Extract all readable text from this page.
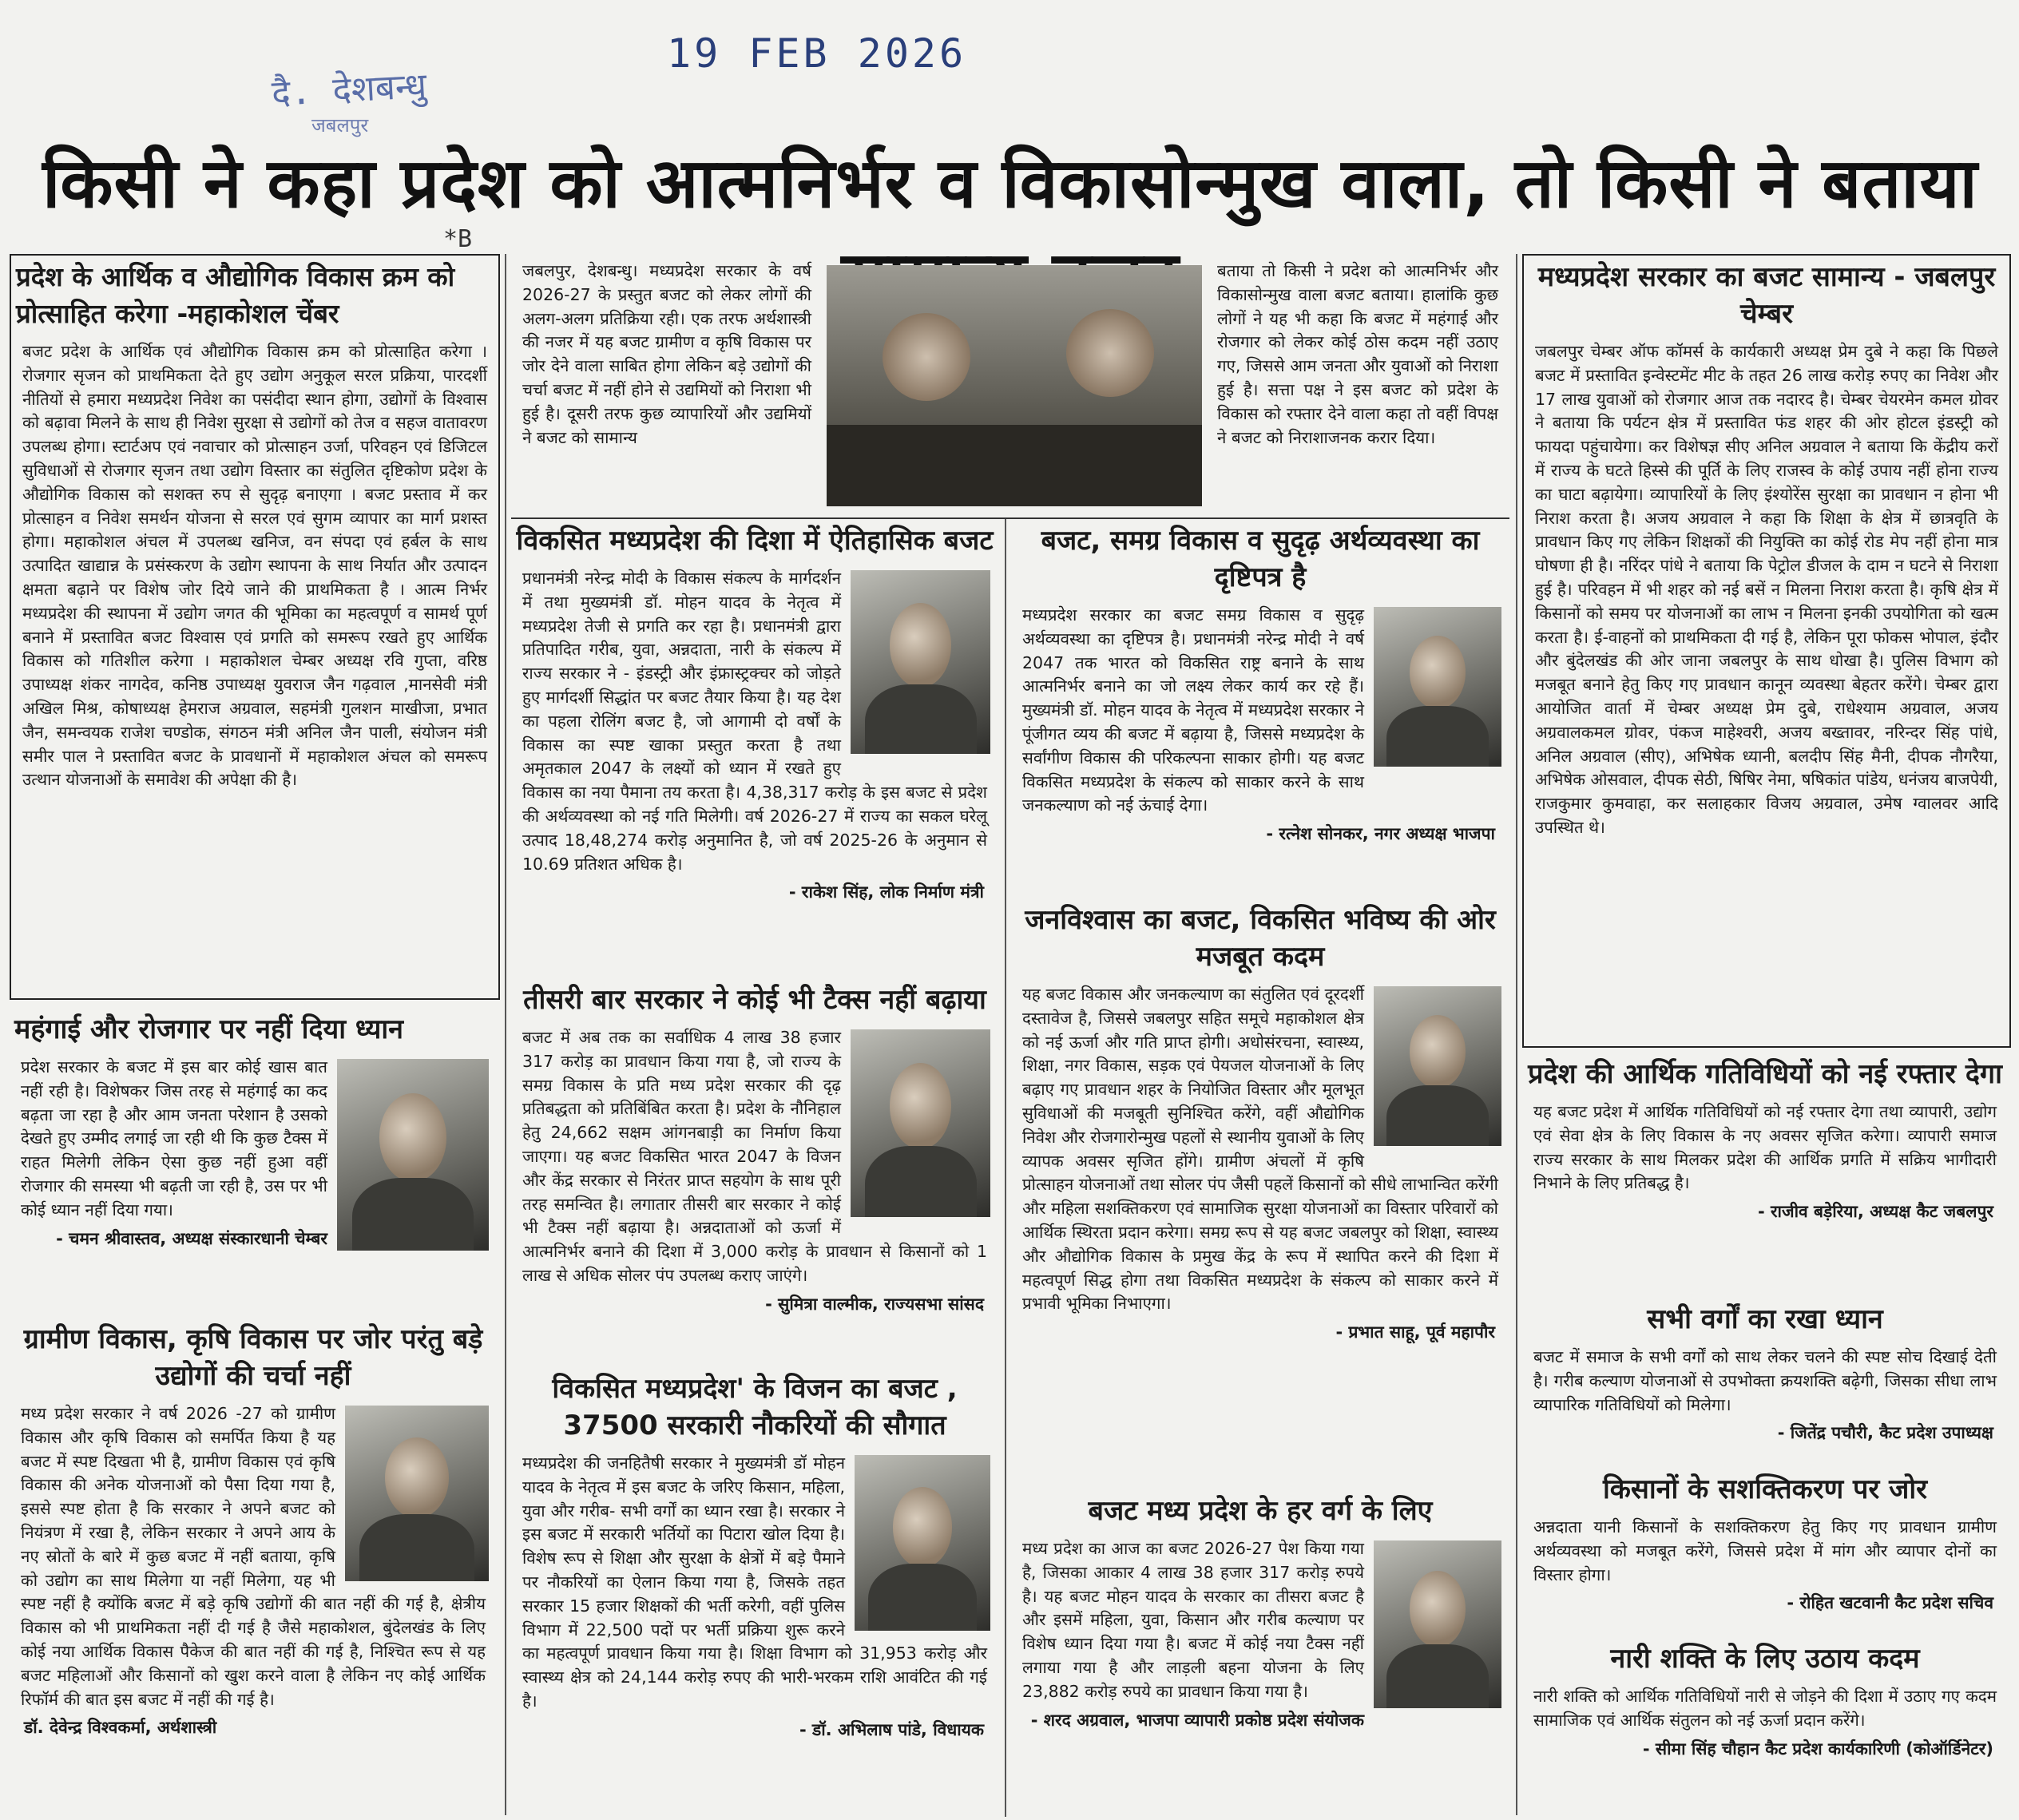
दै. देशबन्धु
जबलपुर
19 FEB 2026
*B
किसी ने कहा प्रदेश को आत्मनिर्भर व विकासोन्मुख वाला, तो किसी ने बताया
प्रदेश के आर्थिक व औद्योगिक विकास क्रम को प्रोत्साहित करेगा -महाकोशल चेंबर
बजट प्रदेश के आर्थिक एवं औद्योगिक विकास क्रम को प्रोत्साहित करेगा । रोजगार सृजन को प्राथमिकता देते हुए उद्योग अनुकूल सरल प्रक्रिया, पारदर्शी नीतियों से हमारा मध्यप्रदेश निवेश का पसंदीदा स्थान होगा, उद्योगों के विश्वास को बढ़ावा मिलने के साथ ही निवेश सुरक्षा से उद्योगों को तेज व सहज वातावरण उपलब्ध होगा। स्टार्टअप एवं नवाचार को प्रोत्साहन उर्जा, परिवहन एवं डिजिटल सुविधाओं से रोजगार सृजन तथा उद्योग विस्तार का संतुलित दृष्टिकोण प्रदेश के औद्योगिक विकास को सशक्त रुप से सुदृढ़ बनाएगा । बजट प्रस्ताव में कर प्रोत्साहन व निवेश समर्थन योजना से सरल एवं सुगम व्यापार का मार्ग प्रशस्त होगा। महाकोशल अंचल में उपलब्ध खनिज, वन संपदा एवं हर्बल के साथ उत्पादित खाद्यान्न के प्रसंस्करण के उद्योग स्थापना के साथ निर्यात और उत्पादन क्षमता बढ़ाने पर विशेष जोर दिये जाने की प्राथमिकता है । आत्म निर्भर मध्यप्रदेश की स्थापना में उद्योग जगत की भूमिका का महत्वपूर्ण व सामर्थ पूर्ण बनाने में प्रस्तावित बजट विश्वास एवं प्रगति को समरूप रखते हुए आर्थिक विकास को गतिशील करेगा । महाकोशल चेम्बर अध्यक्ष रवि गुप्ता, वरिष्ठ उपाध्यक्ष शंकर नागदेव, कनिष्ठ उपाध्यक्ष युवराज जैन गढ़वाल ,मानसेवी मंत्री अखिल मिश्र, कोषाध्यक्ष हेमराज अग्रवाल, सहमंत्री गुलशन माखीजा, प्रभात जैन, समन्वयक राजेश चण्डोक, संगठन मंत्री अनिल जैन पाली, संयोजन मंत्री समीर पाल ने प्रस्तावित बजट के प्रावधानों में महाकोशल अंचल को समरूप उत्थान योजनाओं के समावेश की अपेक्षा की है।
महंगाई और रोजगार पर नहीं दिया ध्यान
प्रदेश सरकार के बजट में इस बार कोई खास बात नहीं रही है। विशेषकर जिस तरह से महंगाई का कद बढ़ता जा रहा है और आम जनता परेशान है उसको देखते हुए उम्मीद लगाई जा रही थी कि कुछ टैक्स में राहत मिलेगी लेकिन ऐसा कुछ नहीं हुआ वहीं रोजगार की समस्या भी बढ़ती जा रही है, उस पर भी कोई ध्यान नहीं दिया गया।
- चमन श्रीवास्तव, अध्यक्ष संस्कारधानी चेम्बर
ग्रामीण विकास, कृषि विकास पर जोर परंतु बड़े उद्योगों की चर्चा नहीं
मध्य प्रदेश सरकार ने वर्ष 2026 -27 को ग्रामीण विकास और कृषि विकास को समर्पित किया है यह बजट में स्पष्ट दिखता भी है, ग्रामीण विकास एवं कृषि विकास की अनेक योजनाओं को पैसा दिया गया है, इससे स्पष्ट होता है कि सरकार ने अपने बजट को नियंत्रण में रखा है, लेकिन सरकार ने अपने आय के नए स्रोतों के बारे में कुछ बजट में नहीं बताया, कृषि को उद्योग का साथ मिलेगा या नहीं मिलेगा, यह भी स्पष्ट नहीं है क्योंकि बजट में बड़े कृषि उद्योगों की बात नहीं की गई है, क्षेत्रीय विकास को भी प्राथमिकता नहीं दी गई है जैसे महाकोशल, बुंदेलखंड के लिए कोई नया आर्थिक विकास पैकेज की बात नहीं की गई है, निश्चित रूप से यह बजट महिलाओं और किसानों को खुश करने वाला है लेकिन नए कोई आर्थिक रिफॉर्म की बात इस बजट में नहीं की गई है।
डॉ. देवेन्द्र विश्वकर्मा, अर्थशास्त्री
जबलपुर, देशबन्धु। मध्यप्रदेश सरकार के वर्ष 2026-27 के प्रस्तुत बजट को लेकर लोगों की अलग-अलग प्रतिक्रिया रही। एक तरफ अर्थशास्त्री की नजर में यह बजट ग्रामीण व कृषि विकास पर जोर देने वाला साबित होगा लेकिन बड़े उद्योगों की चर्चा बजट में नहीं होने से उद्यमियों को निराशा भी हुई है। दूसरी तरफ कुछ व्यापारियों और उद्यमियों ने बजट को सामान्य
बताया तो किसी ने प्रदेश को आत्मनिर्भर और विकासोन्मुख वाला बजट बताया। हालांकि कुछ लोगों ने यह भी कहा कि बजट में महंगाई और रोजगार को लेकर कोई ठोस कदम नहीं उठाए गए, जिससे आम जनता और युवाओं को निराशा हुई है। सत्ता पक्ष ने इस बजट को प्रदेश के विकास को रफ्तार देने वाला कहा तो वहीं विपक्ष ने बजट को निराशाजनक करार दिया।
विकसित मध्यप्रदेश की दिशा में ऐतिहासिक बजट
प्रधानमंत्री नरेन्द्र मोदी के विकास संकल्प के मार्गदर्शन में तथा मुख्यमंत्री डॉ. मोहन यादव के नेतृत्व में मध्यप्रदेश तेजी से प्रगति कर रहा है। प्रधानमंत्री द्वारा प्रतिपादित गरीब, युवा, अन्नदाता, नारी के संकल्प में राज्य सरकार ने - इंडस्ट्री और इंफ्रास्ट्रक्चर को जोड़ते हुए मार्गदर्शी सिद्धांत पर बजट तैयार किया है। यह देश का पहला रोलिंग बजट है, जो आगामी दो वर्षों के विकास का स्पष्ट खाका प्रस्तुत करता है तथा अमृतकाल 2047 के लक्ष्यों को ध्यान में रखते हुए विकास का नया पैमाना तय करता है। 4,38,317 करोड़ के इस बजट से प्रदेश की अर्थव्यवस्था को नई गति मिलेगी। वर्ष 2026-27 में राज्य का सकल घरेलू उत्पाद 18,48,274 करोड़ अनुमानित है, जो वर्ष 2025-26 के अनुमान से 10.69 प्रतिशत अधिक है।
- राकेश सिंह, लोक निर्माण मंत्री
तीसरी बार सरकार ने कोई भी टैक्स नहीं बढ़ाया
बजट में अब तक का सर्वाधिक 4 लाख 38 हजार 317 करोड़ का प्रावधान किया गया है, जो राज्य के समग्र विकास के प्रति मध्य प्रदेश सरकार की दृढ़ प्रतिबद्धता को प्रतिबिंबित करता है। प्रदेश के नौनिहाल हेतु 24,662 सक्षम आंगनबाड़ी का निर्माण किया जाएगा। यह बजट विकसित भारत 2047 के विजन और केंद्र सरकार से निरंतर प्राप्त सहयोग के साथ पूरी तरह समन्वित है। लगातार तीसरी बार सरकार ने कोई भी टैक्स नहीं बढ़ाया है। अन्नदाताओं को ऊर्जा में आत्मनिर्भर बनाने की दिशा में 3,000 करोड़ के प्रावधान से किसानों को 1 लाख से अधिक सोलर पंप उपलब्ध कराए जाएंगे।
- सुमित्रा वाल्मीक, राज्यसभा सांसद
विकसित मध्यप्रदेश' के विजन का बजट , 37500 सरकारी नौकरियों की सौगात
मध्यप्रदेश की जनहितैषी सरकार ने मुख्यमंत्री डॉ मोहन यादव के नेतृत्व में इस बजट के जरिए किसान, महिला, युवा और गरीब- सभी वर्गों का ध्यान रखा है। सरकार ने इस बजट में सरकारी भर्तियों का पिटारा खोल दिया है। विशेष रूप से शिक्षा और सुरक्षा के क्षेत्रों में बड़े पैमाने पर नौकरियों का ऐलान किया गया है, जिसके तहत सरकार 15 हजार शिक्षकों की भर्ती करेगी, वहीं पुलिस विभाग में 22,500 पदों पर भर्ती प्रक्रिया शुरू करने का महत्वपूर्ण प्रावधान किया गया है। शिक्षा विभाग को 31,953 करोड़ और स्वास्थ्य क्षेत्र को 24,144 करोड़ रुपए की भारी-भरकम राशि आवंटित की गई है।
- डॉ. अभिलाष पांडे, विधायक
बजट, समग्र विकास व सुदृढ़ अर्थव्यवस्था का दृष्टिपत्र है
मध्यप्रदेश सरकार का बजट समग्र विकास व सुदृढ़ अर्थव्यवस्था का दृष्टिपत्र है। प्रधानमंत्री नरेन्द्र मोदी ने वर्ष 2047 तक भारत को विकसित राष्ट्र बनाने के साथ आत्मनिर्भर बनाने का जो लक्ष्य लेकर कार्य कर रहे हैं। मुख्यमंत्री डॉ. मोहन यादव के नेतृत्व में मध्यप्रदेश सरकार ने पूंजीगत व्यय की बजट में बढ़ाया है, जिससे मध्यप्रदेश के सर्वांगीण विकास की परिकल्पना साकार होगी। यह बजट विकसित मध्यप्रदेश के संकल्प को साकार करने के साथ जनकल्याण को नई ऊंचाई देगा।
- रत्नेश सोनकर, नगर अध्यक्ष भाजपा
जनविश्वास का बजट, विकसित भविष्य की ओर मजबूत कदम
यह बजट विकास और जनकल्याण का संतुलित एवं दूरदर्शी दस्तावेज है, जिससे जबलपुर सहित समूचे महाकोशल क्षेत्र को नई ऊर्जा और गति प्राप्त होगी। अधोसंरचना, स्वास्थ्य, शिक्षा, नगर विकास, सड़क एवं पेयजल योजनाओं के लिए बढ़ाए गए प्रावधान शहर के नियोजित विस्तार और मूलभूत सुविधाओं की मजबूती सुनिश्चित करेंगे, वहीं औद्योगिक निवेश और रोजगारोन्मुख पहलों से स्थानीय युवाओं के लिए व्यापक अवसर सृजित होंगे। ग्रामीण अंचलों में कृषि प्रोत्साहन योजनाओं तथा सोलर पंप जैसी पहलें किसानों को सीधे लाभान्वित करेंगी और महिला सशक्तिकरण एवं सामाजिक सुरक्षा योजनाओं का विस्तार परिवारों को आर्थिक स्थिरता प्रदान करेगा। समग्र रूप से यह बजट जबलपुर को शिक्षा, स्वास्थ्य और औद्योगिक विकास के प्रमुख केंद्र के रूप में स्थापित करने की दिशा में महत्वपूर्ण सिद्ध होगा तथा विकसित मध्यप्रदेश के संकल्प को साकार करने में प्रभावी भूमिका निभाएगा।
- प्रभात साहू, पूर्व महापौर
बजट मध्य प्रदेश के हर वर्ग के लिए
मध्य प्रदेश का आज का बजट 2026-27 पेश किया गया है, जिसका आकार 4 लाख 38 हजार 317 करोड़ रुपये है। यह बजट मोहन यादव के सरकार का तीसरा बजट है और इसमें महिला, युवा, किसान और गरीब कल्याण पर विशेष ध्यान दिया गया है। बजट में कोई नया टैक्स नहीं लगाया गया है और लाड़ली बहना योजना के लिए 23,882 करोड़ रुपये का प्रावधान किया गया है।
- शरद अग्रवाल, भाजपा व्यापारी प्रकोष्ठ प्रदेश संयोजक
मध्यप्रदेश सरकार का बजट सामान्य - जबलपुर चेम्बर
जबलपुर चेम्बर ऑफ कॉमर्स के कार्यकारी अध्यक्ष प्रेम दुबे ने कहा कि पिछले बजट में प्रस्तावित इन्वेस्टमेंट मीट के तहत 26 लाख करोड़ रुपए का निवेश और 17 लाख युवाओं को रोजगार आज तक नदारद है। चेम्बर चेयरमेन कमल ग्रोवर ने बताया कि पर्यटन क्षेत्र में प्रस्तावित फंड शहर की ओर होटल इंडस्ट्री को फायदा पहुंचायेगा। कर विशेषज्ञ सीए अनिल अग्रवाल ने बताया कि केंद्रीय करों में राज्य के घटते हिस्से की पूर्ति के लिए राजस्व के कोई उपाय नहीं होना राज्य का घाटा बढ़ायेगा। व्यापारियों के लिए इंश्योरेंस सुरक्षा का प्रावधान न होना भी निराश करता है। अजय अग्रवाल ने कहा कि शिक्षा के क्षेत्र में छात्रवृति के प्रावधान किए गए लेकिन शिक्षकों की नियुक्ति का कोई रोड मेप नहीं होना मात्र घोषणा ही है। नरिंदर पांधे ने बताया कि पेट्रोल डीजल के दाम न घटने से निराशा हुई है। परिवहन में भी शहर को नई बसें न मिलना निराश करता है। कृषि क्षेत्र में किसानों को समय पर योजनाओं का लाभ न मिलना इनकी उपयोगिता को खत्म करता है। ई-वाहनों को प्राथमिकता दी गई है, लेकिन पूरा फोकस भोपाल, इंदौर और बुंदेलखंड की ओर जाना जबलपुर के साथ धोखा है। पुलिस विभाग को मजबूत बनाने हेतु किए गए प्रावधान कानून व्यवस्था बेहतर करेंगे। चेम्बर द्वारा आयोजित वार्ता में चेम्बर अध्यक्ष प्रेम दुबे, राधेश्याम अग्रवाल, अजय अग्रवालकमल ग्रोवर, पंकज माहेश्वरी, अजय बख्तावर, नरिन्दर सिंह पांधे, अनिल अग्रवाल (सीए), अभिषेक ध्यानी, बलदीप सिंह मैनी, दीपक नौगरैया, अभिषेक ओसवाल, दीपक सेठी, षिषिर नेमा, षषिकांत पांडेय, धनंजय बाजपेयी, राजकुमार कुमवाहा, कर सलाहकार विजय अग्रवाल, उमेष ग्वालवर आदि उपस्थित थे।
प्रदेश की आर्थिक गतिविधियों को नई रफ्तार देगा
यह बजट प्रदेश में आर्थिक गतिविधियों को नई रफ्तार देगा तथा व्यापारी, उद्योग एवं सेवा क्षेत्र के लिए विकास के नए अवसर सृजित करेगा। व्यापारी समाज राज्य सरकार के साथ मिलकर प्रदेश की आर्थिक प्रगति में सक्रिय भागीदारी निभाने के लिए प्रतिबद्ध है।
- राजीव बड़ेरिया, अध्यक्ष कैट जबलपुर
सभी वर्गों का रखा ध्यान
बजट में समाज के सभी वर्गों को साथ लेकर चलने की स्पष्ट सोच दिखाई देती है। गरीब कल्याण योजनाओं से उपभोक्ता क्रयशक्ति बढ़ेगी, जिसका सीधा लाभ व्यापारिक गतिविधियों को मिलेगा।
- जितेंद्र पचौरी, कैट प्रदेश उपाध्यक्ष
किसानों के सशक्तिकरण पर जोर
अन्नदाता यानी किसानों के सशक्तिकरण हेतु किए गए प्रावधान ग्रामीण अर्थव्यवस्था को मजबूत करेंगे, जिससे प्रदेश में मांग और व्यापार दोनों का विस्तार होगा।
- रोहित खटवानी कैट प्रदेश सचिव
नारी शक्ति के लिए उठाय कदम
नारी शक्ति को आर्थिक गतिविधियों नारी से जोड़ने की दिशा में उठाए गए कदम सामाजिक एवं आर्थिक संतुलन को नई ऊर्जा प्रदान करेंगे।
- सीमा सिंह चौहान कैट प्रदेश कार्यकारिणी (कोऑर्डिनेटर)
